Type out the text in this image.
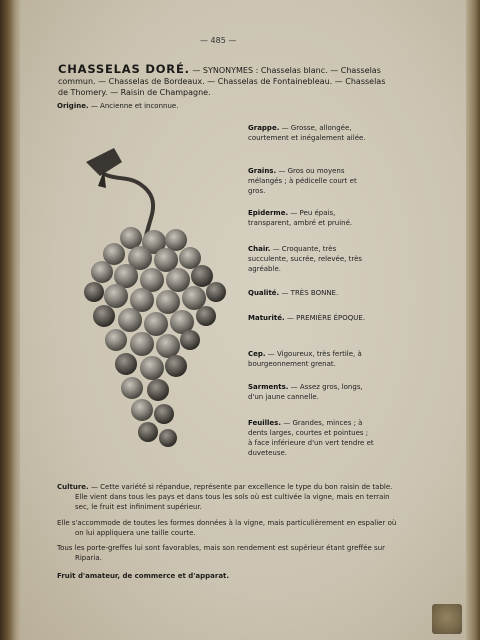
— 485 —
CHASSELAS DORÉ. — SYNONYMES : Chasselas blanc. — Chasselas commun. — Chasselas de Bordeaux. — Chasselas de Fontainebleau. — Chasselas de Thomery. — Raisin de Champagne.
Origine. — Ancienne et inconnue.
Grappe. — Grosse, allongée, courtement et inégalement ailée.
Grains. — Gros ou moyens mélangés ; à pédicelle court et gros.
Epiderme. — Peu épais, transparent, ambré et pruiné.
Chair. — Croquante, très succulente, sucrée, relevée, très agréable.
Qualité. — TRÈS BONNE.
Maturité. — PREMIÈRE ÉPOQUE.
Cep. — Vigoureux, très fertile, à bourgeonnement grenat.
Sarments. — Assez gros, longs, d'un jaune cannelle.
Feuilles. — Grandes, minces ; à dents larges, courtes et pointues ; à face inférieure d'un vert tendre et duveteuse.

Culture. — Cette variété si répandue, représente par excellence le type du bon raisin de table. Elle vient dans tous les pays et dans tous les sols où est cultivée la vigne, mais en terrain sec, le fruit est infiniment supérieur.

Elle s'accommode de toutes les formes données à la vigne, mais particulièrement en espalier où on lui appliquera une taille courte.

Tous les porte-greffes lui sont favorables, mais son rendement est supérieur étant greffée sur Riparia.

Fruit d'amateur, de commerce et d'apparat.
